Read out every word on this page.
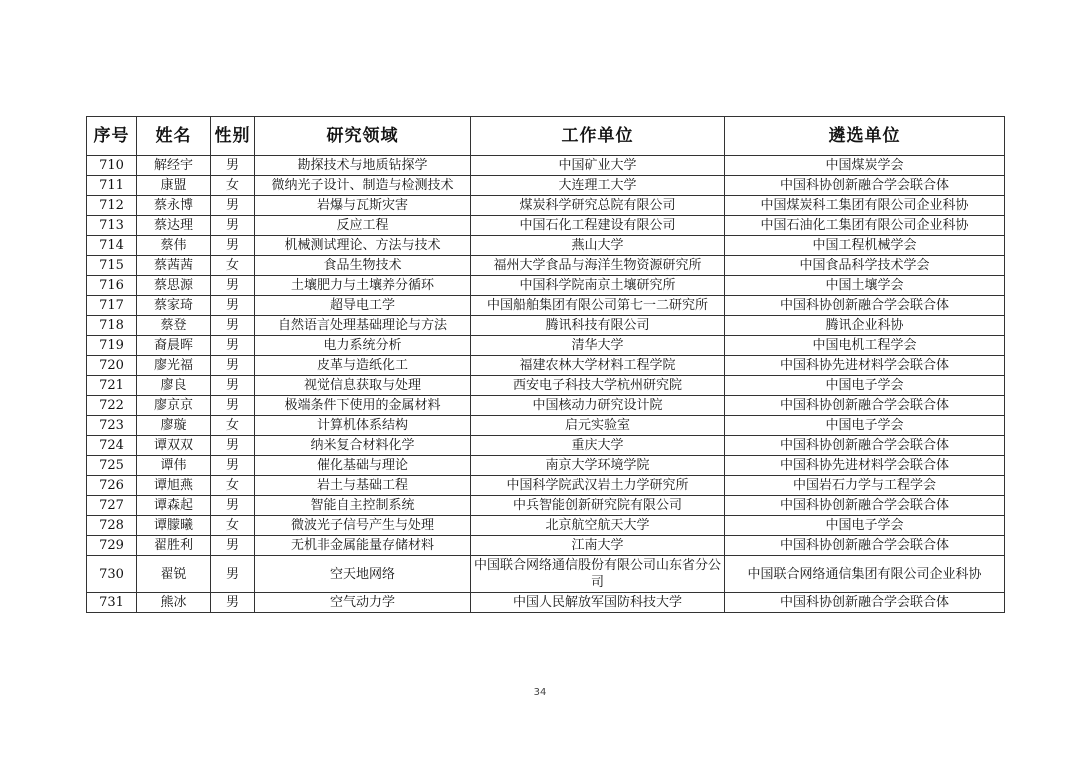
序号	姓名	性别	研究领域	工作单位	遴选单位
710	解经宇	男	勘探技术与地质钻探学	中国矿业大学	中国煤炭学会
711	康盟	女	微纳光子设计、制造与检测技术	大连理工大学	中国科协创新融合学会联合体
712	蔡永博	男	岩爆与瓦斯灾害	煤炭科学研究总院有限公司	中国煤炭科工集团有限公司企业科协
713	蔡达理	男	反应工程	中国石化工程建设有限公司	中国石油化工集团有限公司企业科协
714	蔡伟	男	机械测试理论、方法与技术	燕山大学	中国工程机械学会
715	蔡茜茜	女	食品生物技术	福州大学食品与海洋生物资源研究所	中国食品科学技术学会
716	蔡思源	男	土壤肥力与土壤养分循环	中国科学院南京土壤研究所	中国土壤学会
717	蔡家琦	男	超导电工学	中国船舶集团有限公司第七一二研究所	中国科协创新融合学会联合体
718	蔡登	男	自然语言处理基础理论与方法	腾讯科技有限公司	腾讯企业科协
719	裔晨晖	男	电力系统分析	清华大学	中国电机工程学会
720	廖光福	男	皮革与造纸化工	福建农林大学材料工程学院	中国科协先进材料学会联合体
721	廖良	男	视觉信息获取与处理	西安电子科技大学杭州研究院	中国电子学会
722	廖京京	男	极端条件下使用的金属材料	中国核动力研究设计院	中国科协创新融合学会联合体
723	廖璇	女	计算机体系结构	启元实验室	中国电子学会
724	谭双双	男	纳米复合材料化学	重庆大学	中国科协创新融合学会联合体
725	谭伟	男	催化基础与理论	南京大学环境学院	中国科协先进材料学会联合体
726	谭旭燕	女	岩土与基础工程	中国科学院武汉岩土力学研究所	中国岩石力学与工程学会
727	谭森起	男	智能自主控制系统	中兵智能创新研究院有限公司	中国科协创新融合学会联合体
728	谭朦曦	女	微波光子信号产生与处理	北京航空航天大学	中国电子学会
729	翟胜利	男	无机非金属能量存储材料	江南大学	中国科协创新融合学会联合体
730	翟锐	男	空天地网络	中国联合网络通信股份有限公司山东省分公司	中国联合网络通信集团有限公司企业科协
731	熊冰	男	空气动力学	中国人民解放军国防科技大学	中国科协创新融合学会联合体
34
